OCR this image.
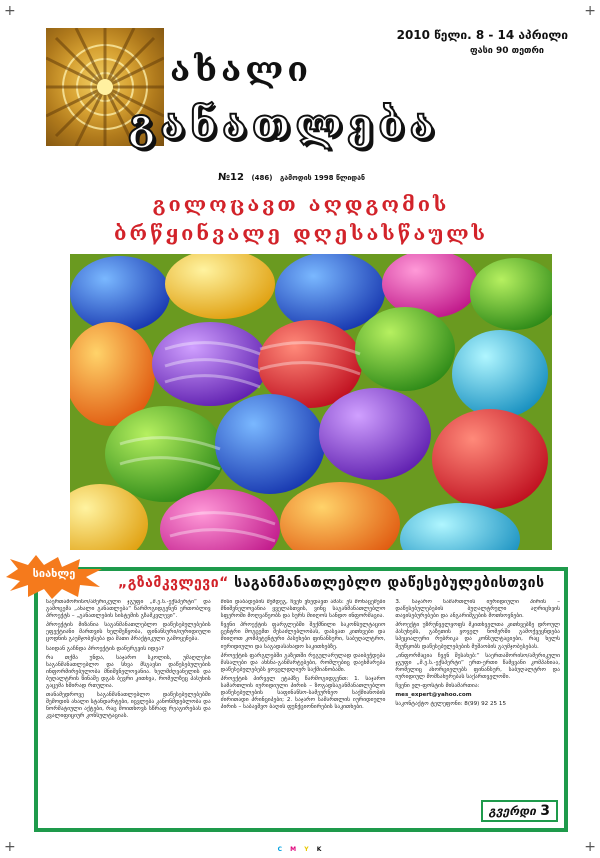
+	+
+	+
2010 წელი. 8 - 14 აპრილი
ფასი 90 თეთრი
ახალი
განათლება
№12 (486) გამოდის 1998 წლიდან
გილოცავთ აღდგომის
ბრწყინვალე დღესასწაულს
სიახლე
„გზამკვლევი“ საგანმანათლებლო დაწესებულებისთვის

საერთაშორისო/ამერიკული ჯგუფი „მ.ე.ს.-ექსპერტი“ და გამოცემა „ახალი განათლება“ წარმოგიდგენენ ერთობლივ პროექტს – „განათლების სისტემის გზამკვლევი“.

პროექტის მიზანია საგანმანათლებლო დაწესებულებების ეფექტიანი მართვის ხელშეწყობა, ფინანსური/იურიდიული ცოდნის გაუმჯობესება და მათი პრაქტიკული გამოყენება.

საიდან გაჩნდა პროექტის დანერგვის იდეა?

რა თქმა უნდა, საჯარო სკოლის, უმაღლესი საგანმანათლებლო და სხვა მსგავსი დაწესებულების ინფორმირებულობა მნიშვნელოვანია. ხელმძღვანელის და ბუღალტრის წინაშე დგას ბევრი კითხვა, რომელზეც პასუხის გაცემა ხშირად რთულია.

თანამედროვე საგანმანათლებლო დაწესებულებებში შემოდის ახალი სტანდარტები, იცვლება კანონმდებლობა და ნორმატიული აქტები, რაც მოითხოვს სწრაფ რეაგირებას და კვალიფიციურ კონსულტაციას.

მისი დაბადების შემდეგ, ჩვენ ვხედავთ ამას: ეს მონაცემები მნიშვნელოვანია ყველასთვის, ვინც საგანმანათლებლო სფეროში მოღვაწეობს და სურს მიიღოს სანდო ინფორმაცია.

ჩვენი პროექტის ფარგლებში შექმნილი საკონსულტაციო ცენტრი მოგცემთ შესაძლებლობას, დასვათ კითხვები და მიიღოთ კომპეტენტური პასუხები ფინანსური, საბუღალტრო, იურიდიული და საგადასახადო საკითხებზე.

პროექტის ფარგლებში გაზეთში რეგულარულად დაიბეჭდება მასალები და ახსნა-განმარტებები, რომლებიც დაეხმარება დაწესებულებებს ყოველდღიურ საქმიანობაში.

პროექტის პირველ ეტაპზე წარმოგიდგენთ: 1. საჯარო სამართლის იურიდიული პირის – ზოგადსაგანმანათლებლო დაწესებულების საფინანსო-სამეურნეო საქმიანობის ძირითადი პრინციპები; 2. საჯარო სამართლის იურიდიული პირის – საბავშვო ბაღის ფუნქციონირების საკითხები.

3. საჯარო სამართლის იურიდიული პირის – დაწესებულებების ბუღალტრული აღრიცხვის თავისებურებები და ანგარიშგების მოთხოვნები.

პროექტი უზრუნველყოფს მკითხველთა კითხვებზე დროულ პასუხებს, გაზეთის ყოველ ნომერში გამოქვეყნდება სპეციალური რუბრიკა და კონსულტაციები, რაც ხელს შეუწყობს დაწესებულებების მუშაობის გაუმჯობესებას.

„ინფორმაცია ჩვენ შესახებ:“ საერთაშორისო/ამერიკული ჯგუფი „მ.ე.ს.-ექსპერტი“ ერთ-ერთი წამყვანი კომპანიაა, რომელიც ახორციელებს ფინანსურ, საბუღალტრო და იურიდიულ მომსახურებას საქართველოში.

ჩვენი ელ-ფოსტის მისამართია:

mes_expert@yahoo.com

საკონტაქტო ტელეფონი: 8(99) 92 25 15

გვერდი 3
C M Y K
